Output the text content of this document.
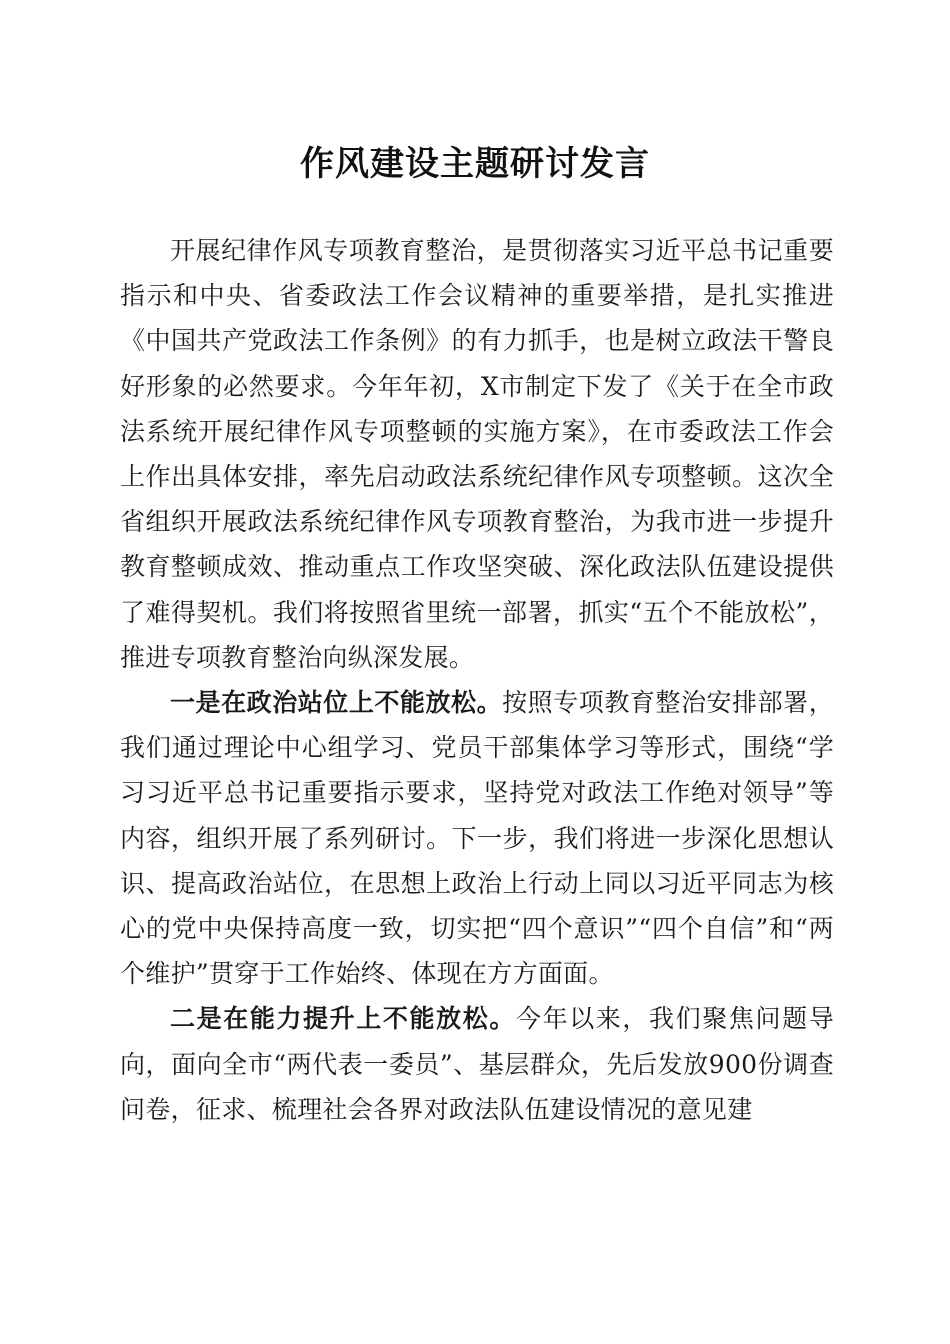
作风建设主题研讨发言

开展纪律作风专项教育整治，是贯彻落实习近平总书记重要指示和中央、省委政法工作会议精神的重要举措，是扎实推进《中国共产党政法工作条例》的有力抓手，也是树立政法干警良好形象的必然要求。今年年初，X市制定下发了《关于在全市政法系统开展纪律作风专项整顿的实施方案》，在市委政法工作会上作出具体安排，率先启动政法系统纪律作风专项整顿。这次全省组织开展政法系统纪律作风专项教育整治，为我市进一步提升教育整顿成效、推动重点工作攻坚突破、深化政法队伍建设提供了难得契机。我们将按照省里统一部署，抓实“五个不能放松”，推进专项教育整治向纵深发展。

一是在政治站位上不能放松。按照专项教育整治安排部署，我们通过理论中心组学习、党员干部集体学习等形式，围绕“学习习近平总书记重要指示要求，坚持党对政法工作绝对领导”等内容，组织开展了系列研讨。下一步，我们将进一步深化思想认识、提高政治站位，在思想上政治上行动上同以习近平同志为核心的党中央保持高度一致，切实把“四个意识”“四个自信”和“两个维护”贯穿于工作始终、体现在方方面面。

二是在能力提升上不能放松。今年以来，我们聚焦问题导向，面向全市“两代表一委员”、基层群众，先后发放900份调查问卷，征求、梳理社会各界对政法队伍建设情况的意见建
